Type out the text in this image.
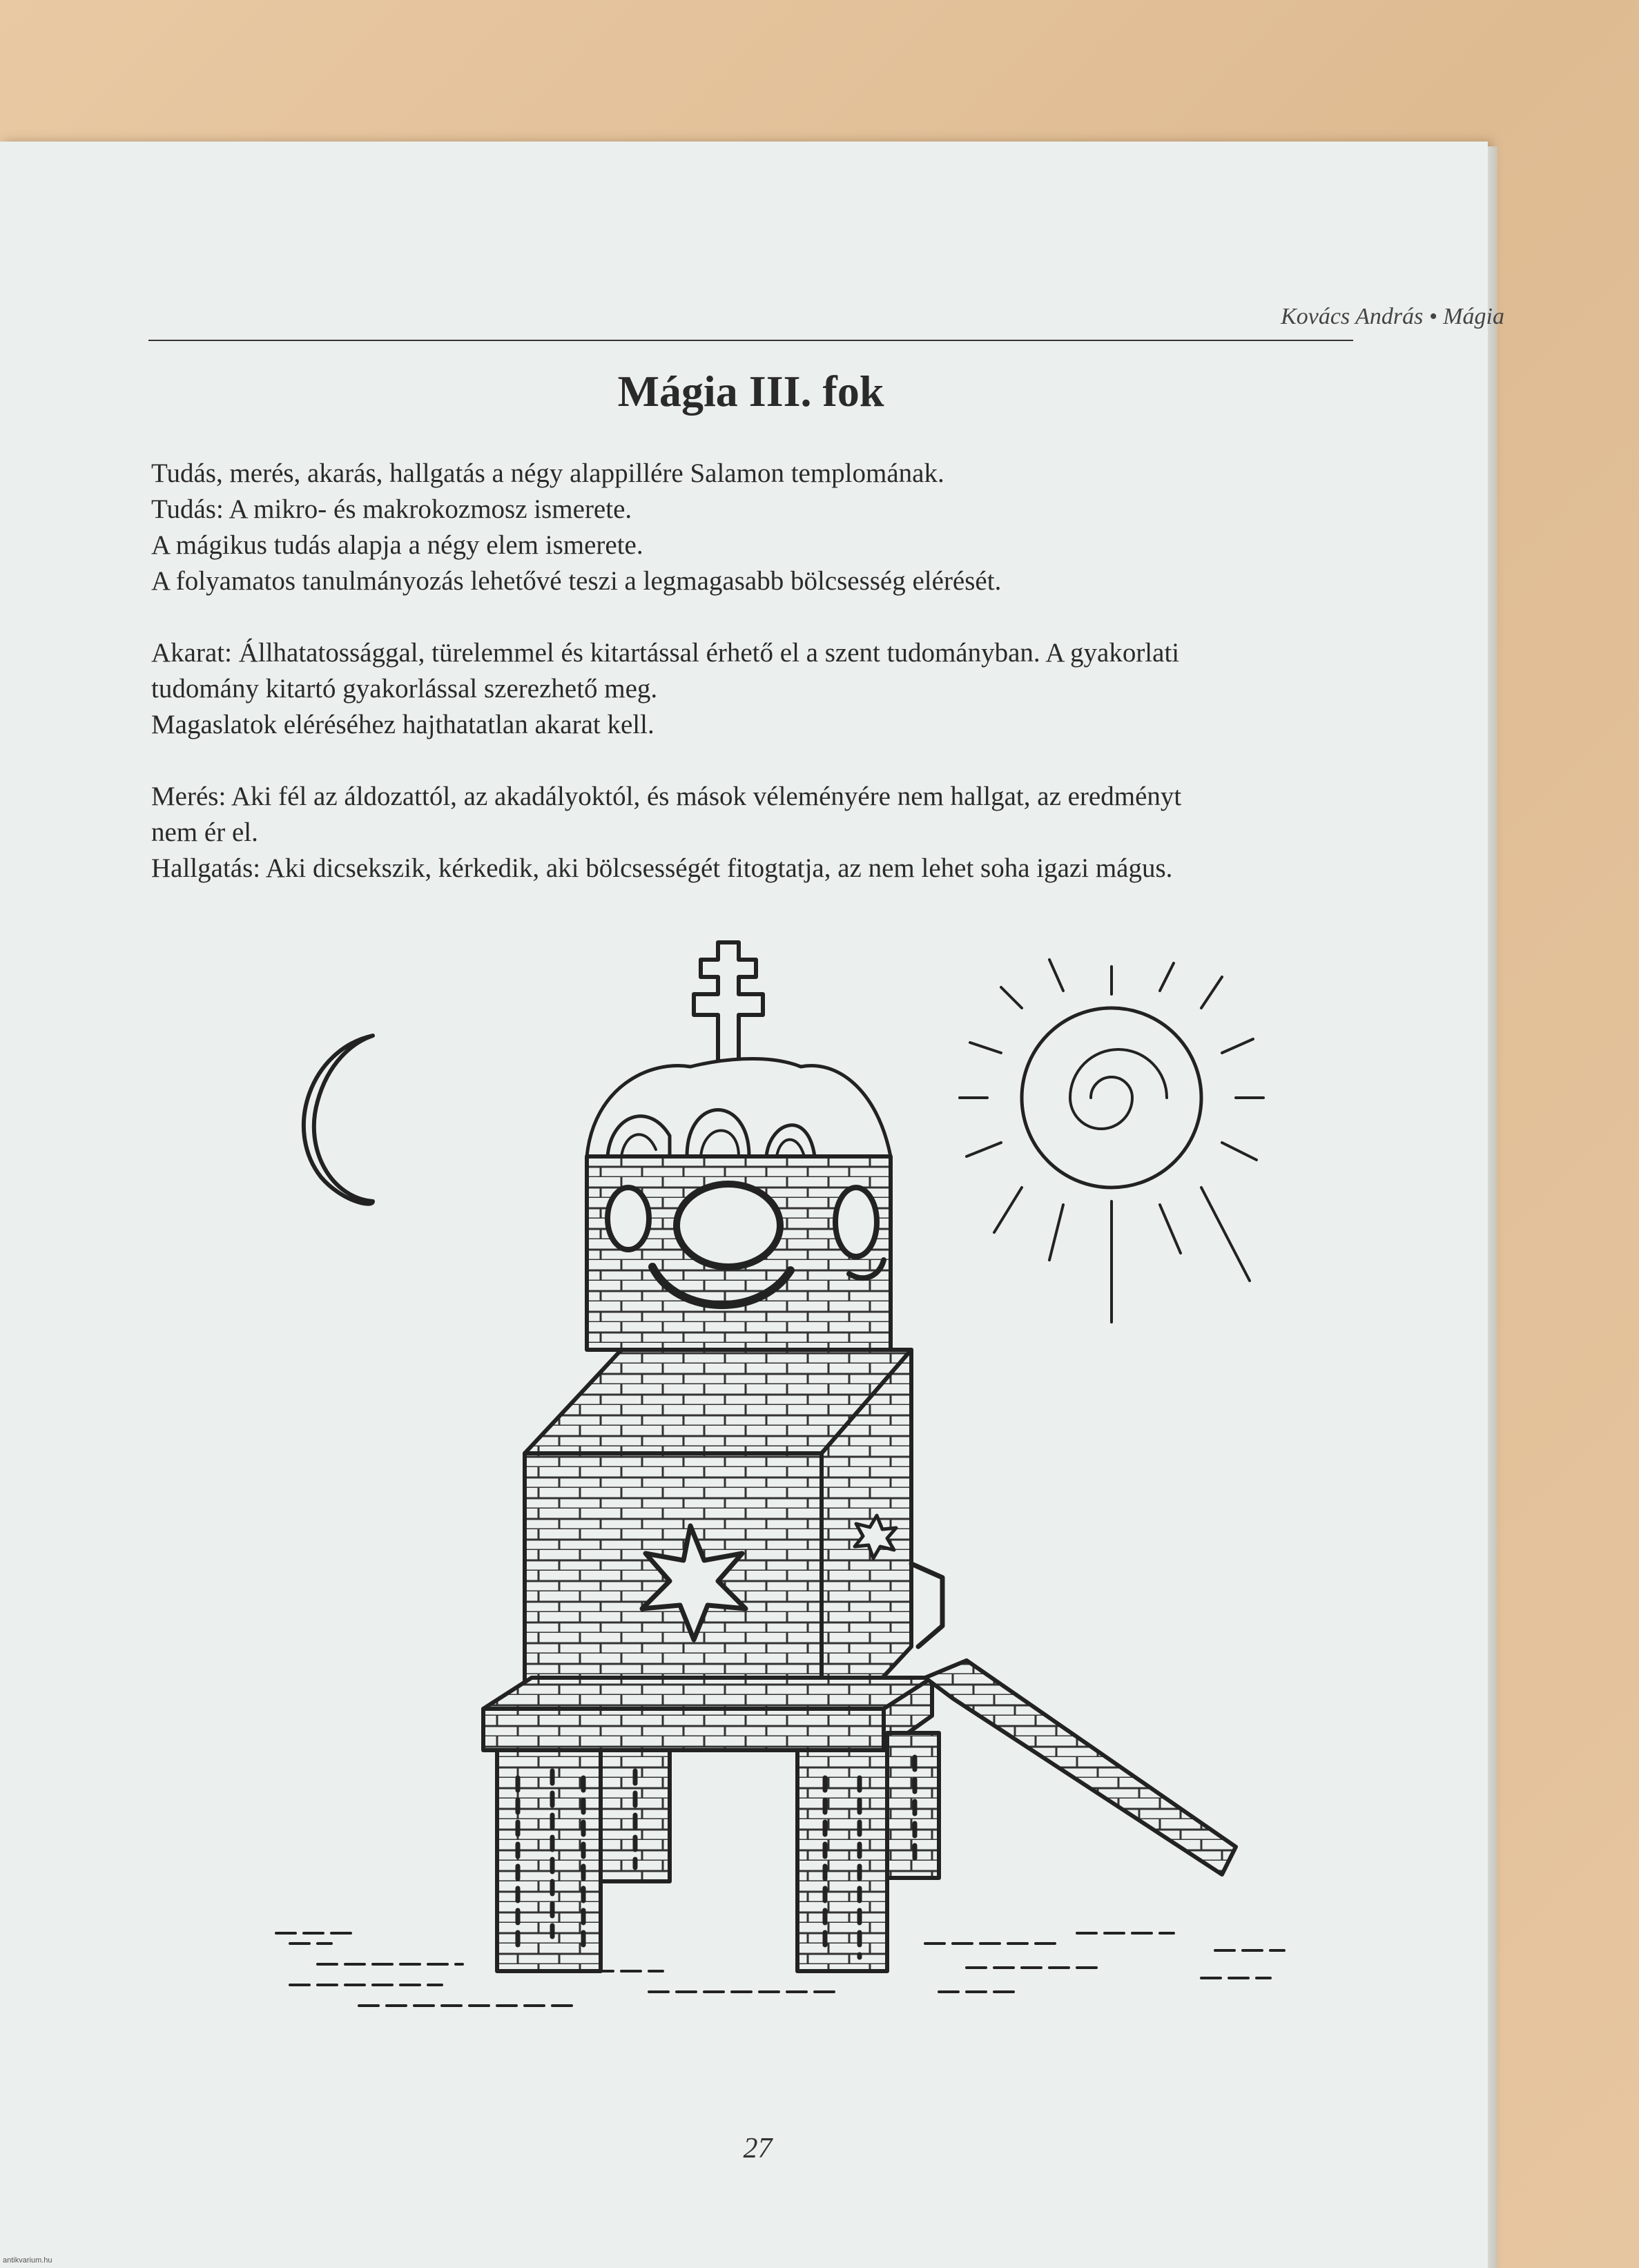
Kovács András • Mágia
Mágia III. fok

Tudás, merés, akarás, hallgatás a négy alappillére Salamon templomának.

Tudás: A mikro- és makrokozmosz ismerete.

A mágikus tudás alapja a négy elem ismerete.

A folyamatos tanulmányozás lehetővé teszi a legmagasabb bölcsesség elérését.

Akarat: Állhatatossággal, türelemmel és kitartással érhető el a szent tudományban. A gyakorlati

tudomány kitartó gyakorlással szerezhető meg.

Magaslatok eléréséhez hajthatatlan akarat kell.

Merés: Aki fél az áldozattól, az akadályoktól, és mások véleményére nem hallgat, az eredményt

nem ér el.

Hallgatás: Aki dicsekszik, kérkedik, aki bölcsességét fitogtatja, az nem lehet soha igazi mágus.

27
antikvarium.hu
